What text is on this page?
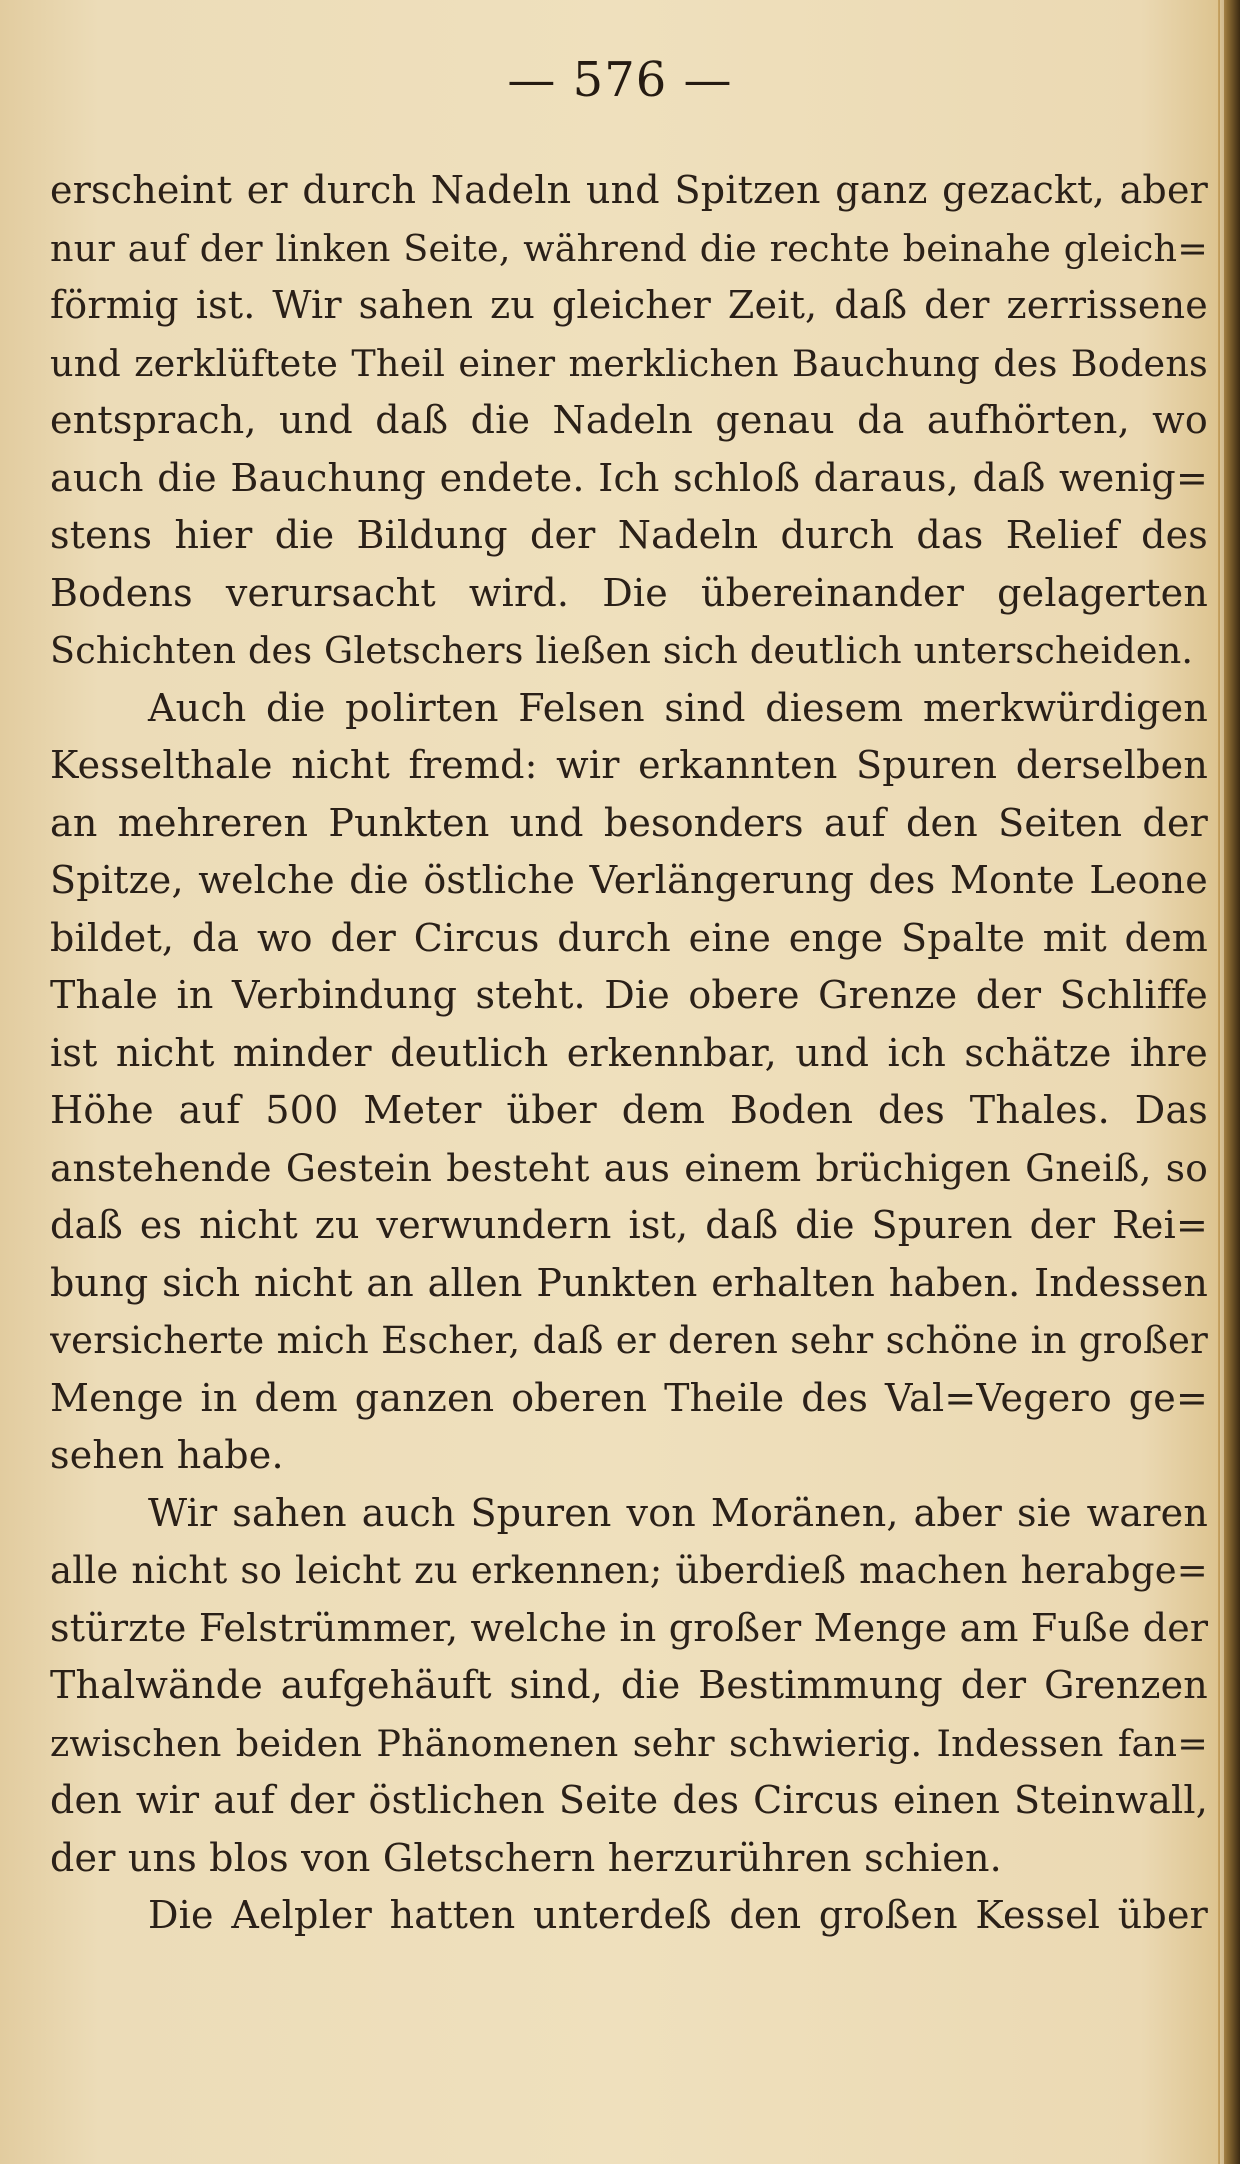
— 576 —
erscheint er durch Nadeln und Spitzen ganz gezackt, aber
nur auf der linken Seite, während die rechte beinahe gleich=
förmig ist. Wir sahen zu gleicher Zeit, daß der zerrissene
und zerklüftete Theil einer merklichen Bauchung des Bodens
entsprach, und daß die Nadeln genau da aufhörten, wo
auch die Bauchung endete. Ich schloß daraus, daß wenig=
stens hier die Bildung der Nadeln durch das Relief des
Bodens verursacht wird. Die übereinander gelagerten
Schichten des Gletschers ließen sich deutlich unterscheiden.
Auch die polirten Felsen sind diesem merkwürdigen
Kesselthale nicht fremd: wir erkannten Spuren derselben
an mehreren Punkten und besonders auf den Seiten der
Spitze, welche die östliche Verlängerung des Monte Leone
bildet, da wo der Circus durch eine enge Spalte mit dem
Thale in Verbindung steht. Die obere Grenze der Schliffe
ist nicht minder deutlich erkennbar, und ich schätze ihre
Höhe auf 500 Meter über dem Boden des Thales. Das
anstehende Gestein besteht aus einem brüchigen Gneiß, so
daß es nicht zu verwundern ist, daß die Spuren der Rei=
bung sich nicht an allen Punkten erhalten haben. Indessen
versicherte mich Escher, daß er deren sehr schöne in großer
Menge in dem ganzen oberen Theile des Val=Vegero ge=
sehen habe.
Wir sahen auch Spuren von Moränen, aber sie waren
alle nicht so leicht zu erkennen; überdieß machen herabge=
stürzte Felstrümmer, welche in großer Menge am Fuße der
Thalwände aufgehäuft sind, die Bestimmung der Grenzen
zwischen beiden Phänomenen sehr schwierig. Indessen fan=
den wir auf der östlichen Seite des Circus einen Steinwall,
der uns blos von Gletschern herzurühren schien.
Die Aelpler hatten unterdeß den großen Kessel über
